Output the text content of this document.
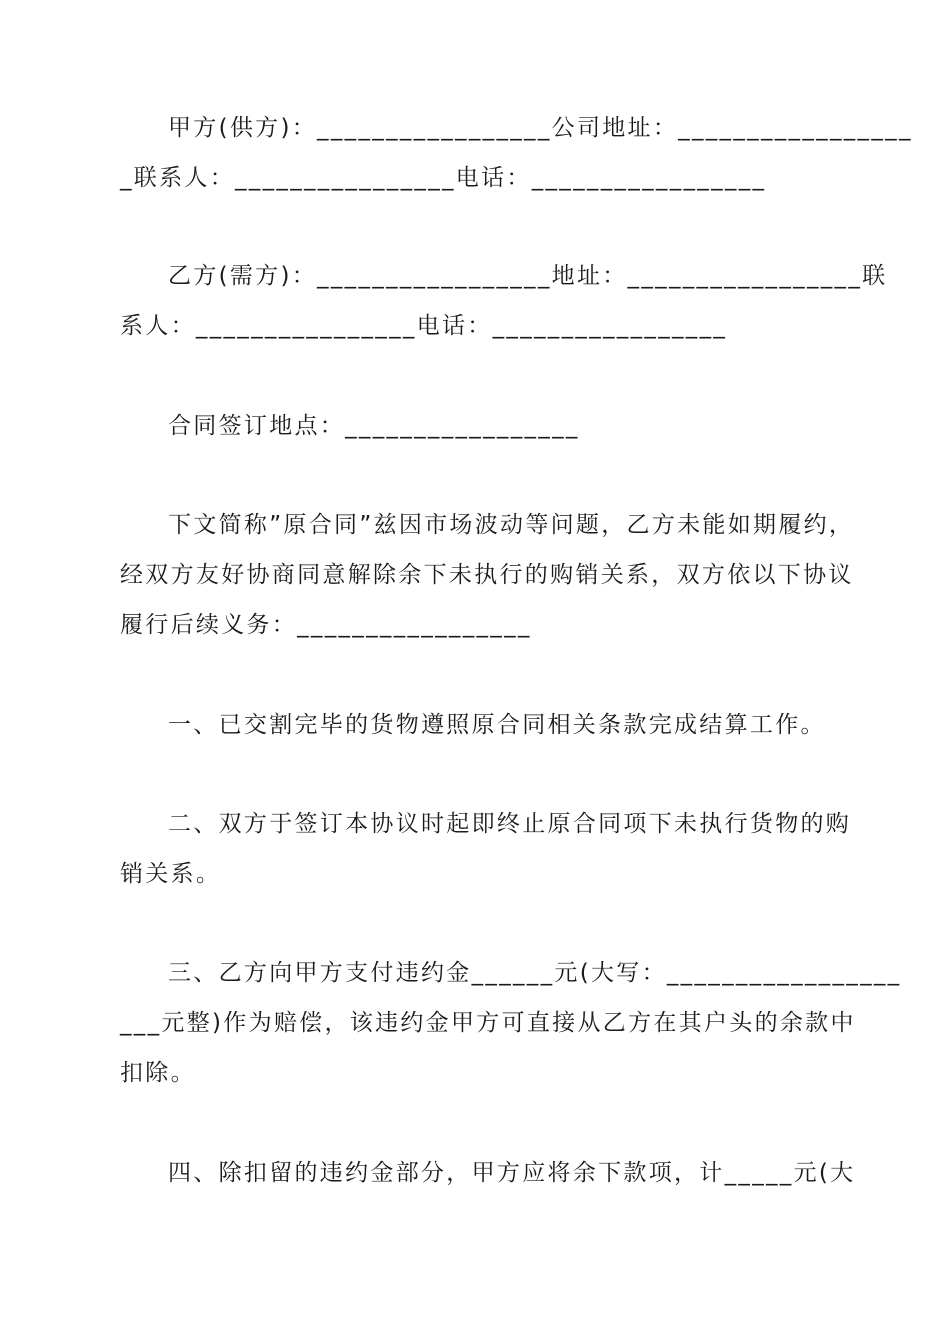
甲方(供方)：_________________公司地址：_________________
_联系人：________________电话：_________________
乙方(需方)：_________________地址：_________________联
系人：________________电话：_________________
合同签订地点：_________________
下文简称”原合同”兹因市场波动等问题，乙方未能如期履约，
经双方友好协商同意解除余下未执行的购销关系，双方依以下协议
履行后续义务：_________________
一、已交割完毕的货物遵照原合同相关条款完成结算工作。
二、双方于签订本协议时起即终止原合同项下未执行货物的购
销关系。
三、乙方向甲方支付违约金______元(大写：_________________
___元整)作为赔偿，该违约金甲方可直接从乙方在其户头的余款中
扣除。
四、除扣留的违约金部分，甲方应将余下款项，计_____元(大
